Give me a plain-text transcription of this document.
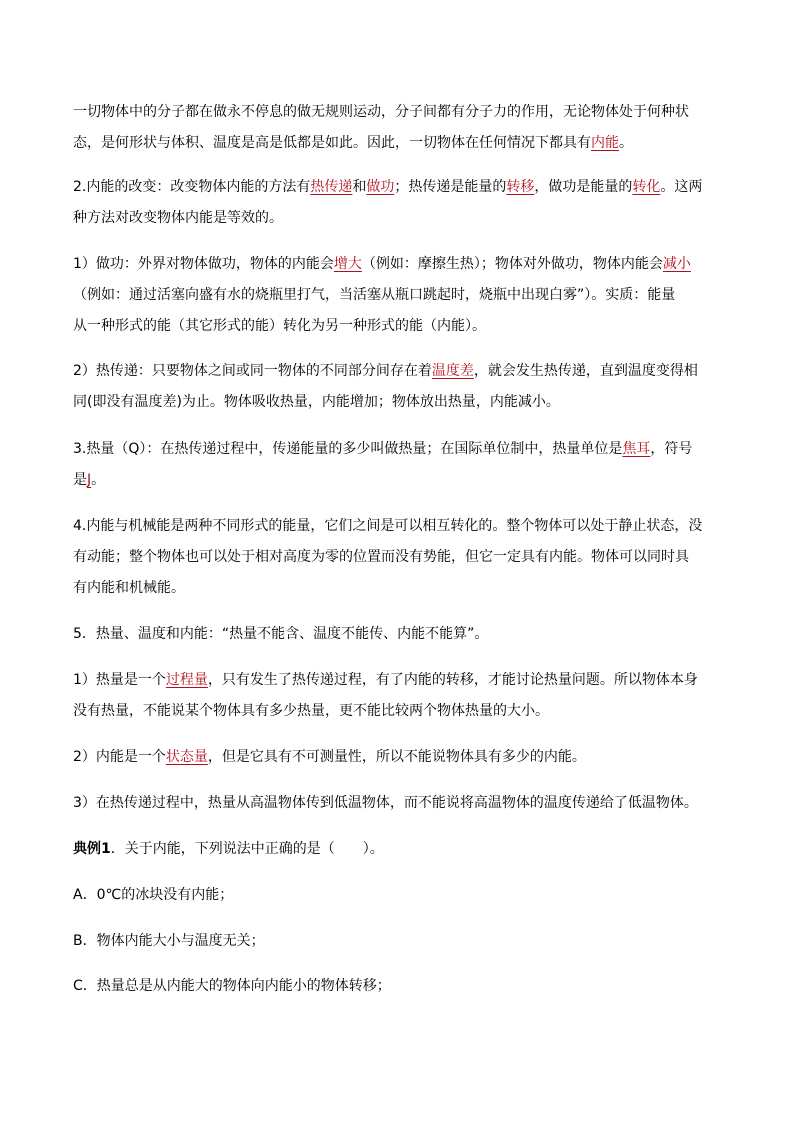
一切物体中的分子都在做永不停息的做无规则运动，分子间都有分子力的作用，无论物体处于何种状
态，是何形状与体积、温度是高是低都是如此。因此，一切物体在任何情况下都具有内能。
2.内能的改变：改变物体内能的方法有热传递和做功；热传递是能量的转移，做功是能量的转化。这两
种方法对改变物体内能是等效的。
1）做功：外界对物体做功，物体的内能会增大（例如：摩擦生热）；物体对外做功，物体内能会减小
（例如：通过活塞向盛有水的烧瓶里打气，当活塞从瓶口跳起时，烧瓶中出现白雾”）。实质：能量
从一种形式的能（其它形式的能）转化为另一种形式的能（内能）。
2）热传递：只要物体之间或同一物体的不同部分间存在着温度差，就会发生热传递，直到温度变得相
同(即没有温度差)为止。物体吸收热量，内能增加；物体放出热量，内能减小。
3.热量（Q）：在热传递过程中，传递能量的多少叫做热量；在国际单位制中，热量单位是焦耳，符号
是J。
4.内能与机械能是两种不同形式的能量，它们之间是可以相互转化的。整个物体可以处于静止状态，没
有动能；整个物体也可以处于相对高度为零的位置而没有势能，但它一定具有内能。物体可以同时具
有内能和机械能。
5．热量、温度和内能：“热量不能含、温度不能传、内能不能算”。
1）热量是一个过程量，只有发生了热传递过程，有了内能的转移，才能讨论热量问题。所以物体本身
没有热量，不能说某个物体具有多少热量，更不能比较两个物体热量的大小。
2）内能是一个状态量，但是它具有不可测量性，所以不能说物体具有多少的内能。
3）在热传递过程中，热量从高温物体传到低温物体，而不能说将高温物体的温度传递给了低温物体。
典例1．关于内能，下列说法中正确的是（　　）。
A．0℃的冰块没有内能；
B．物体内能大小与温度无关；
C．热量总是从内能大的物体向内能小的物体转移；
